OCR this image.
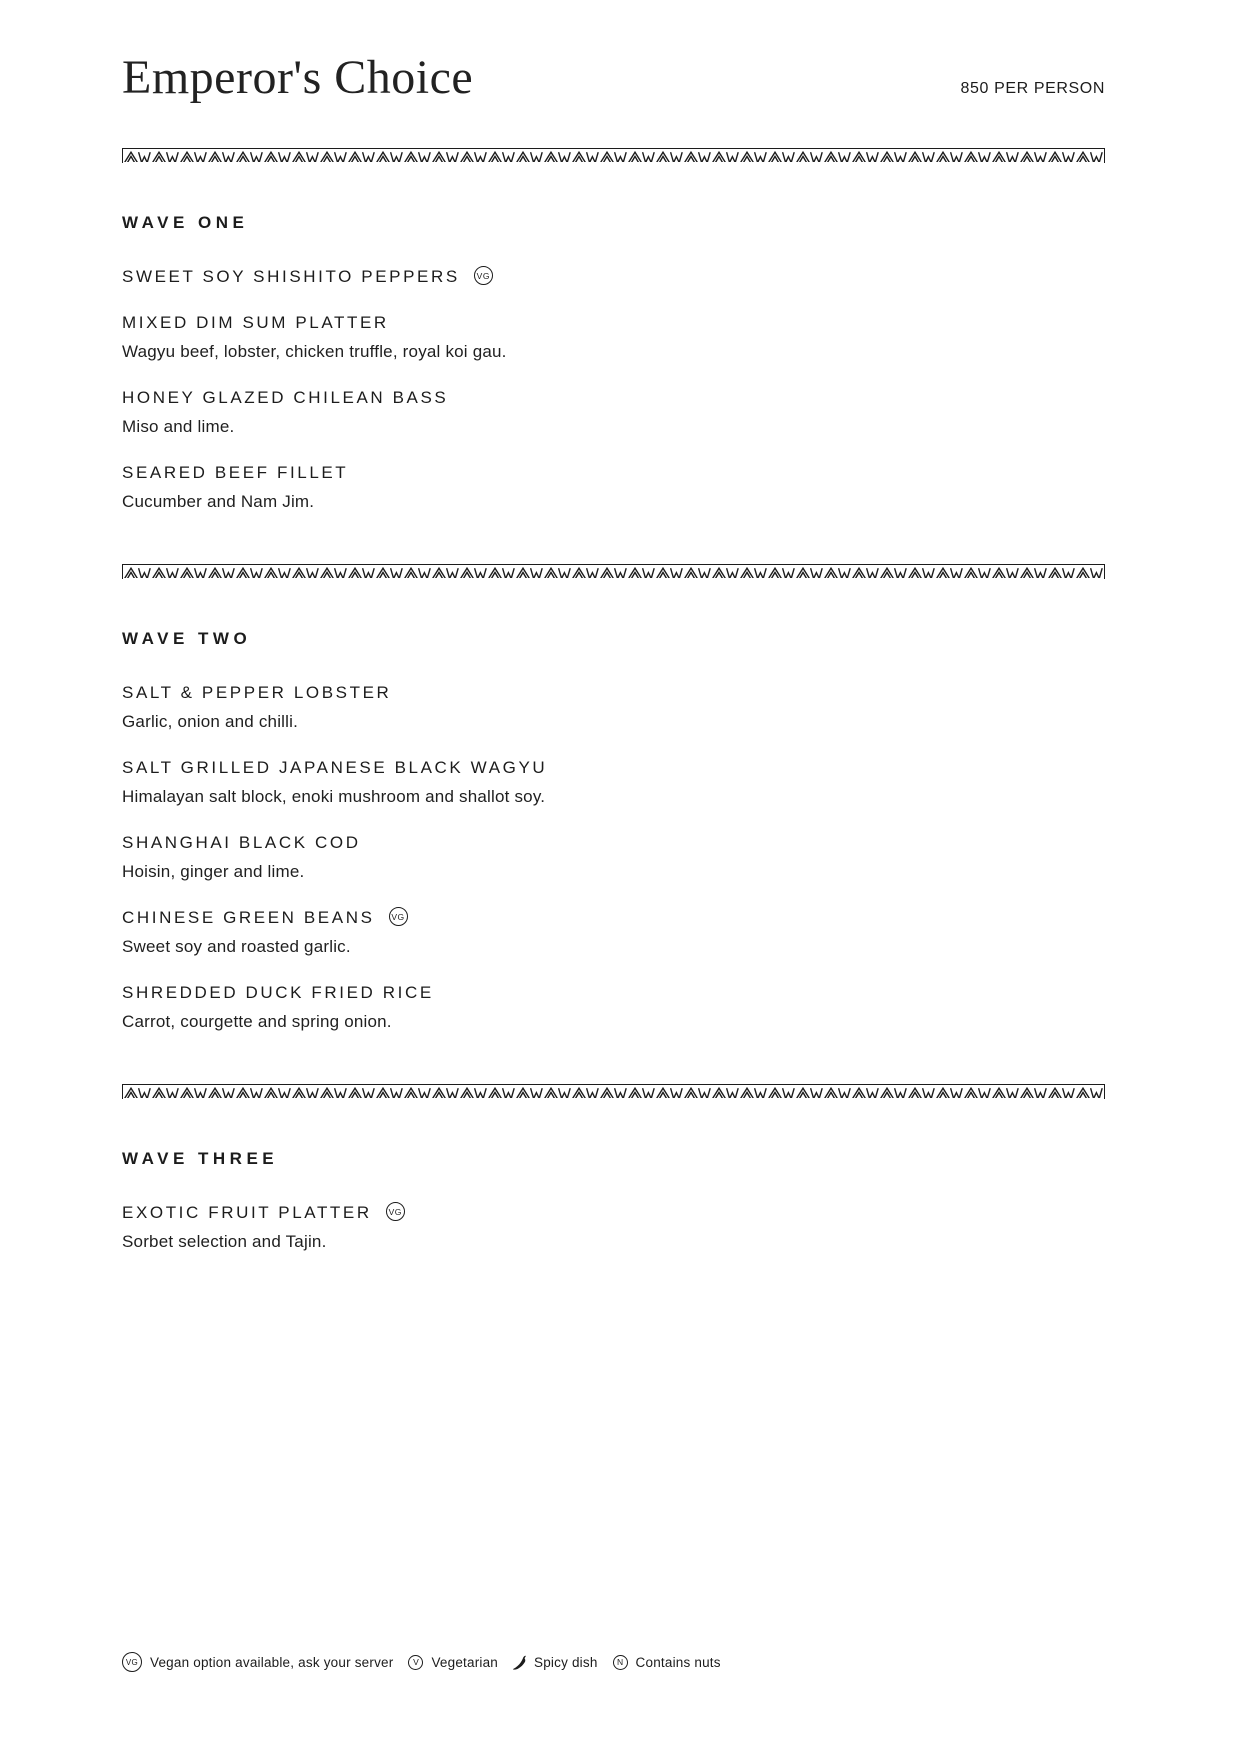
Emperor's Choice	850 PER PERSON
WAVE ONE
SWEET SOY SHISHITO PEPPERS	VG
MIXED DIM SUM PLATTER
Wagyu beef, lobster, chicken truffle, royal koi gau.
HONEY GLAZED CHILEAN BASS
Miso and lime.
SEARED BEEF FILLET
Cucumber and Nam Jim.
WAVE TWO
SALT & PEPPER LOBSTER
Garlic, onion and chilli.
SALT GRILLED JAPANESE BLACK WAGYU
Himalayan salt block, enoki mushroom and shallot soy.
SHANGHAI BLACK COD
Hoisin, ginger and lime.
CHINESE GREEN BEANS	VG
Sweet soy and roasted garlic.
SHREDDED DUCK FRIED RICE
Carrot, courgette and spring onion.
WAVE THREE
EXOTIC FRUIT PLATTER	VG
Sorbet selection and Tajin.
VG Vegan option available, ask your server	V Vegetarian	Spicy dish	N Contains nuts
